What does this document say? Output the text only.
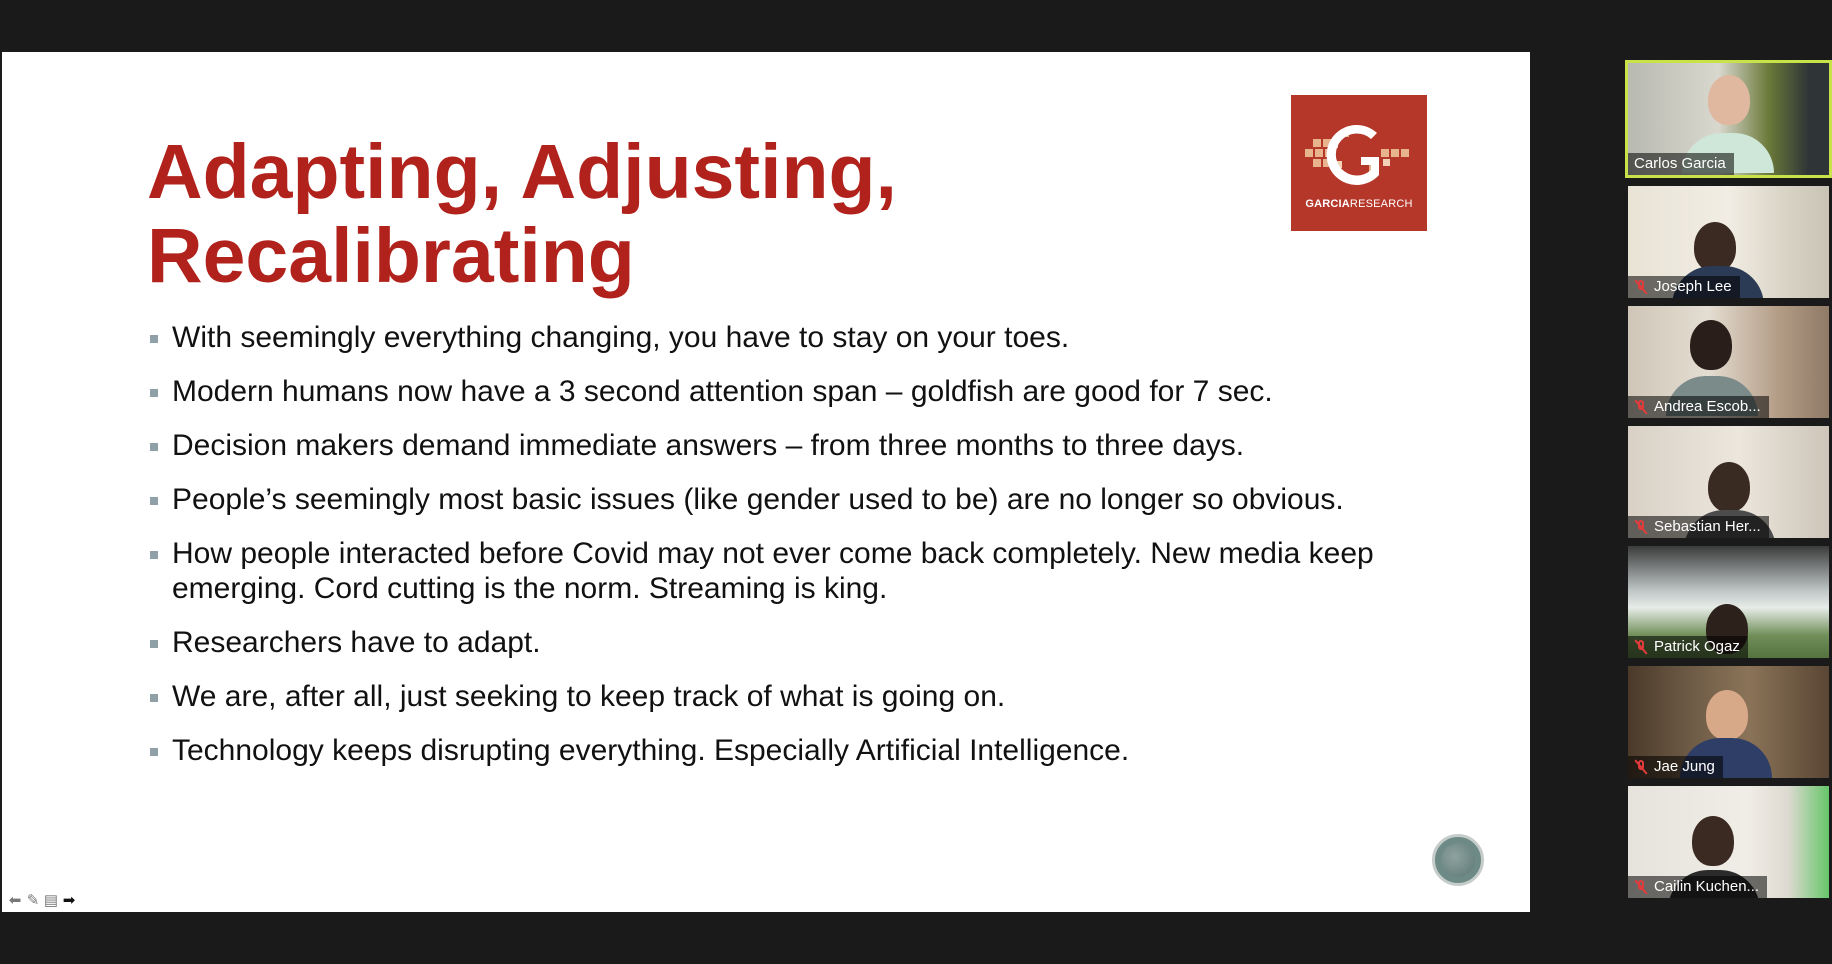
Adapting, Adjusting,
Recalibrating
GARCIARESEARCH
With seemingly everything changing, you have to stay on your toes.
Modern humans now have a 3 second attention span – goldfish are good for 7 sec.
Decision makers demand immediate answers – from three months to three days.
People’s seemingly most basic issues (like gender used to be) are no longer so obvious.
How people interacted before Covid may not ever come back completely. New media keep emerging. Cord cutting is the norm. Streaming is king.
Researchers have to adapt.
We are, after all, just seeking to keep track of what is going on.
Technology keeps disrupting everything. Especially Artificial Intelligence.
⬅ ✎ ▤ ➡
Carlos Garcia
Joseph Lee
Andrea Escob...
Sebastian Her...
Patrick Ogaz
Jae Jung
Cailin Kuchen...
